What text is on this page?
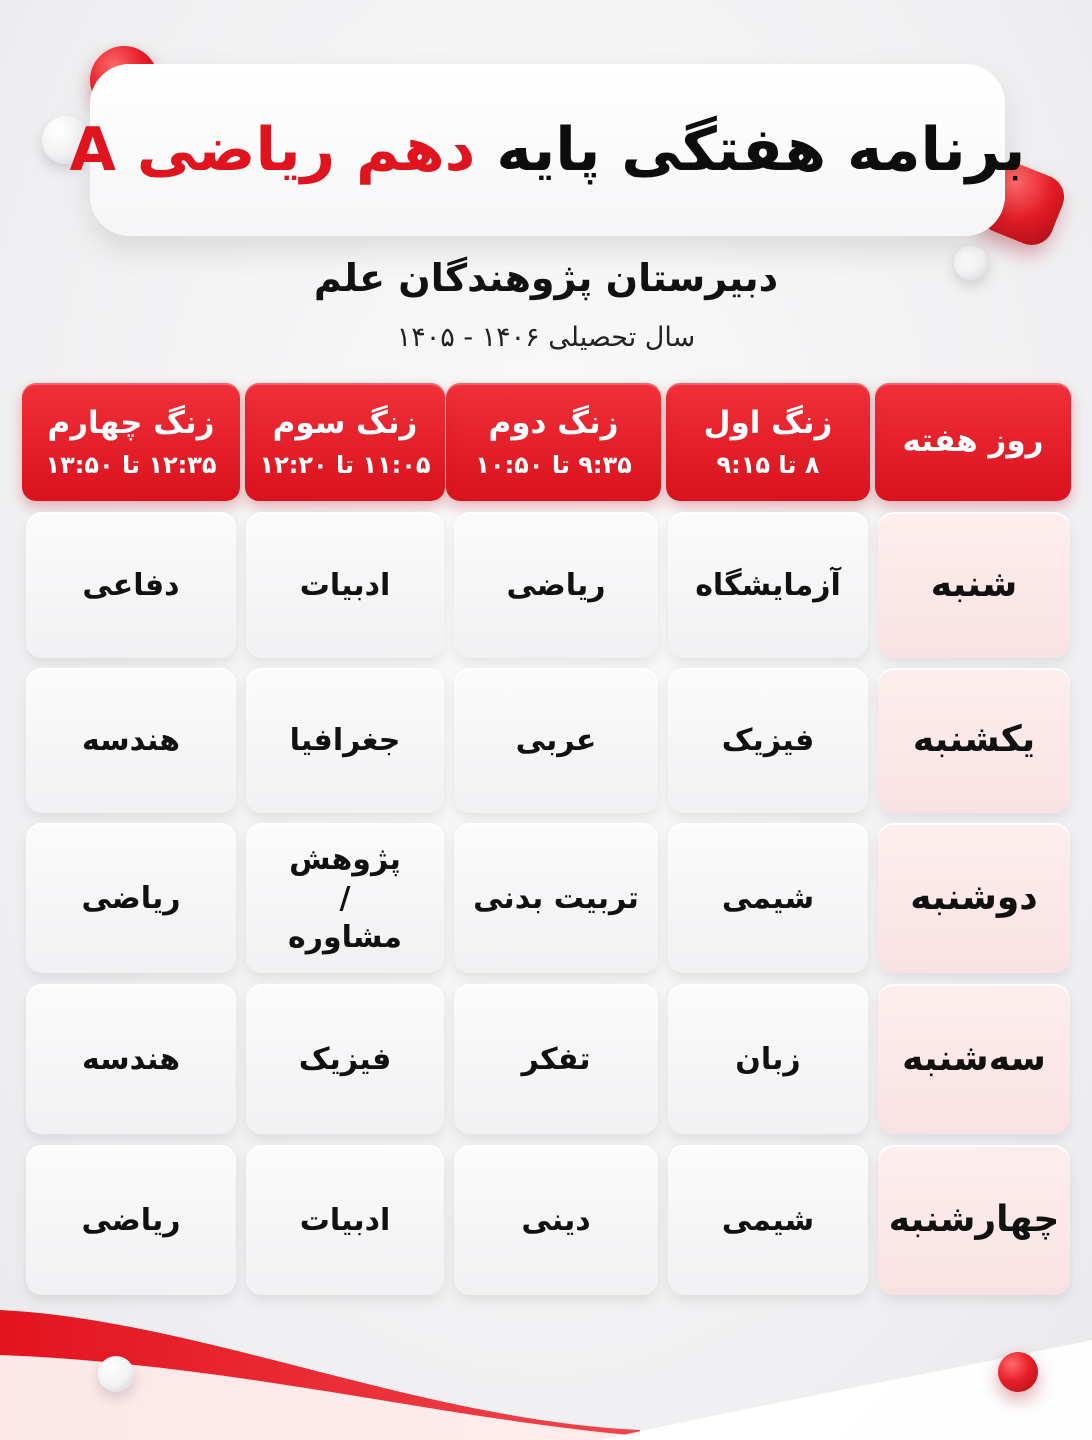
برنامه هفتگی پایه دهم ریاضی A
دبیرستان پژوهندگان علم
سال تحصیلی ۱۴۰۶ - ۱۴۰۵
روز هفته
زنگ اول
۸ تا ۹:۱۵
زنگ دوم
۹:۳۵ تا ۱۰:۵۰
زنگ سوم
۱۱:۰۵ تا ۱۲:۲۰
زنگ چهارم
۱۲:۳۵ تا ۱۳:۵۰
شنبه
آزمایشگاه
ریاضی
ادبیات
دفاعی
یکشنبه
فیزیک
عربی
جغرافیا
هندسه
دوشنبه
شیمی
تربیت بدنی
پژوهش / مشاوره
ریاضی
سه‌شنبه
زبان
تفکر
فیزیک
هندسه
چهارشنبه
شیمی
دینی
ادبیات
ریاضی
